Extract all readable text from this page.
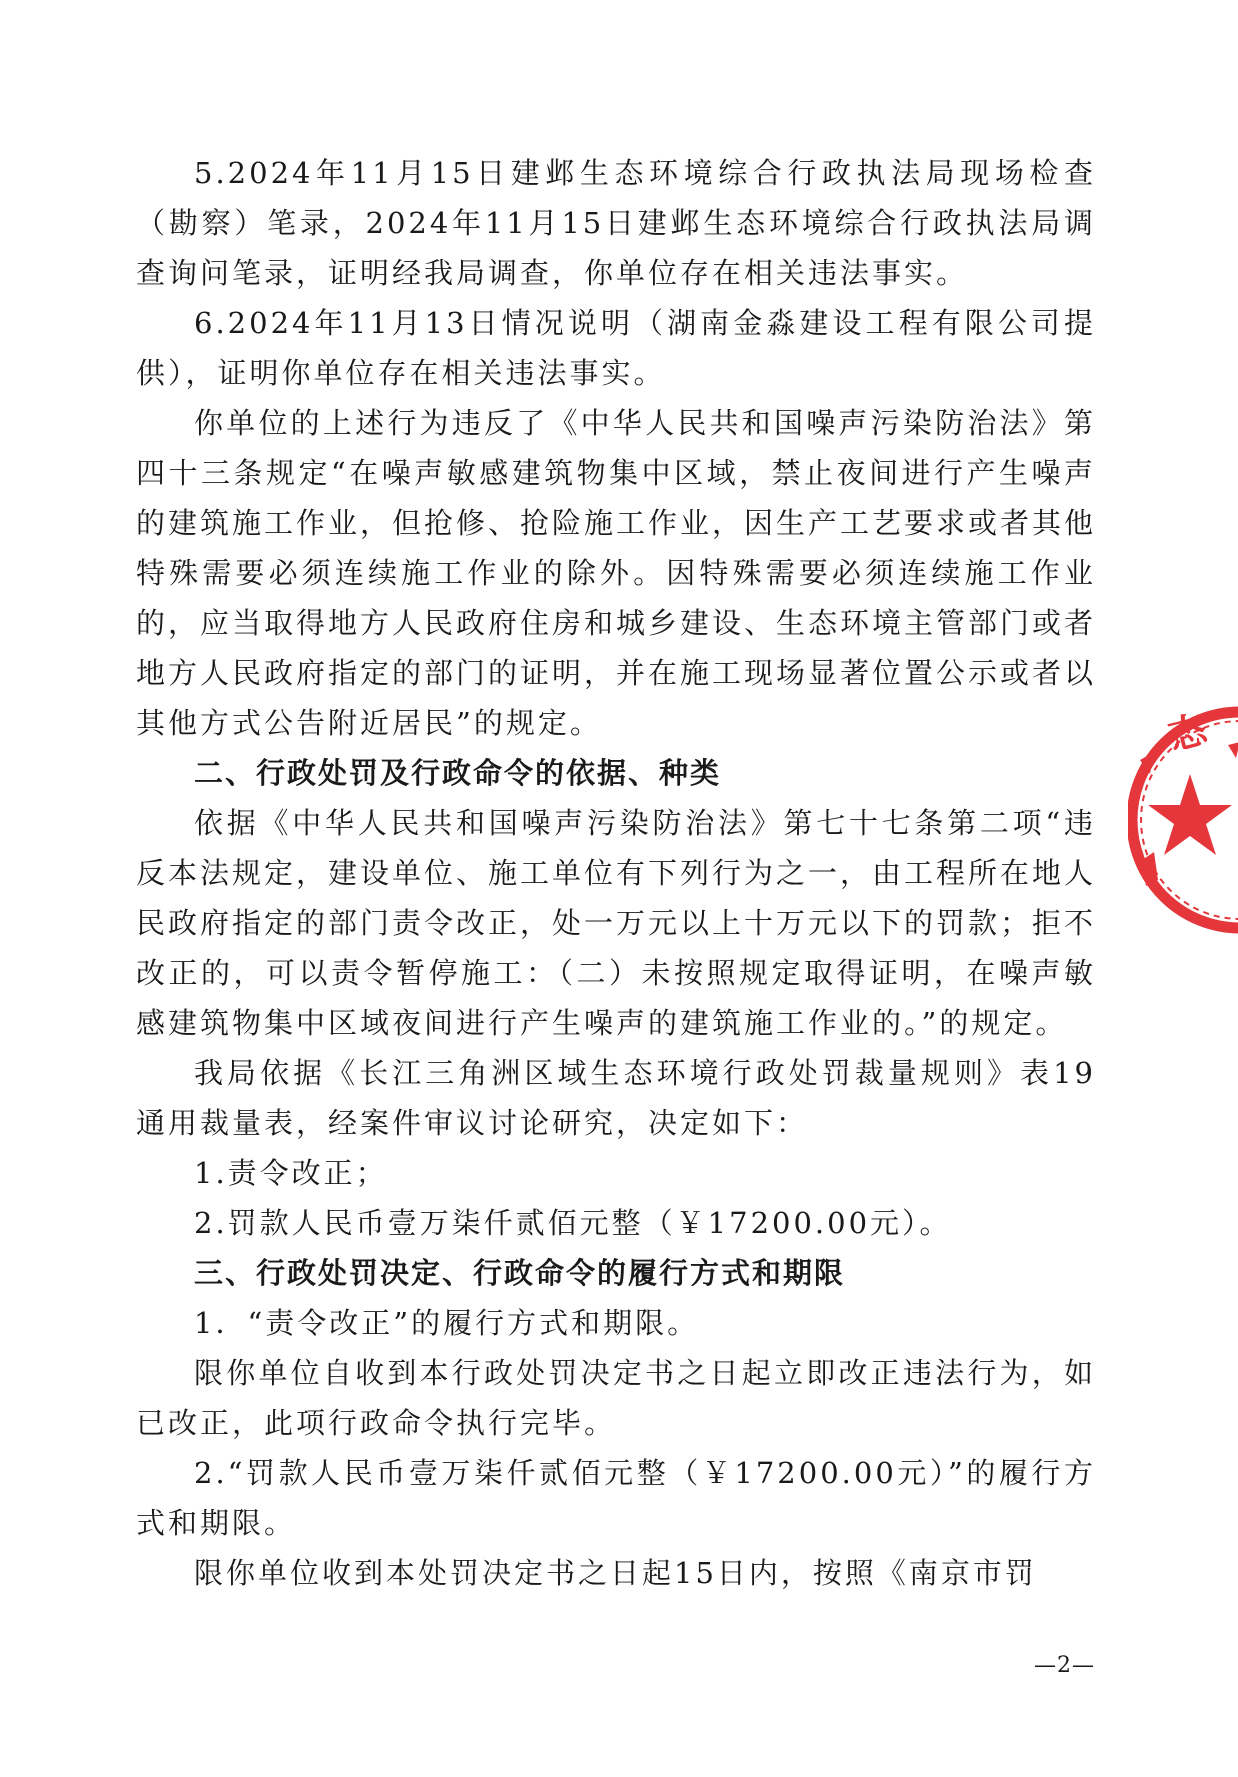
5.2024年11月15日建邺生态环境综合行政执法局现场检查（勘察）笔录，2024年11月15日建邺生态环境综合行政执法局调查询问笔录，证明经我局调查，你单位存在相关违法事实。

6.2024年11月13日情况说明（湖南金淼建设工程有限公司提供），证明你单位存在相关违法事实。

你单位的上述行为违反了《中华人民共和国噪声污染防治法》第四十三条规定“在噪声敏感建筑物集中区域，禁止夜间进行产生噪声的建筑施工作业，但抢修、抢险施工作业，因生产工艺要求或者其他特殊需要必须连续施工作业的除外。因特殊需要必须连续施工作业的，应当取得地方人民政府住房和城乡建设、生态环境主管部门或者地方人民政府指定的部门的证明，并在施工现场显著位置公示或者以其他方式公告附近居民”的规定。

二、行政处罚及行政命令的依据、种类

依据《中华人民共和国噪声污染防治法》第七十七条第二项“违反本法规定，建设单位、施工单位有下列行为之一，由工程所在地人民政府指定的部门责令改正，处一万元以上十万元以下的罚款；拒不改正的，可以责令暂停施工：（二）未按照规定取得证明，在噪声敏感建筑物集中区域夜间进行产生噪声的建筑施工作业的。”的规定。

我局依据《长江三角洲区域生态环境行政处罚裁量规则》表19通用裁量表，经案件审议讨论研究，决定如下：

1.责令改正；

2.罚款人民币壹万柒仟贰佰元整（￥17200.00元）。

三、行政处罚决定、行政命令的履行方式和期限

1．“责令改正”的履行方式和期限。

限你单位自收到本行政处罚决定书之日起立即改正违法行为，如已改正，此项行政命令执行完毕。

2.“罚款人民币壹万柒仟贰佰元整（￥17200.00元）”的履行方式和期限。

限你单位收到本处罚决定书之日起15日内，按照《南京市罚

态
—2—
